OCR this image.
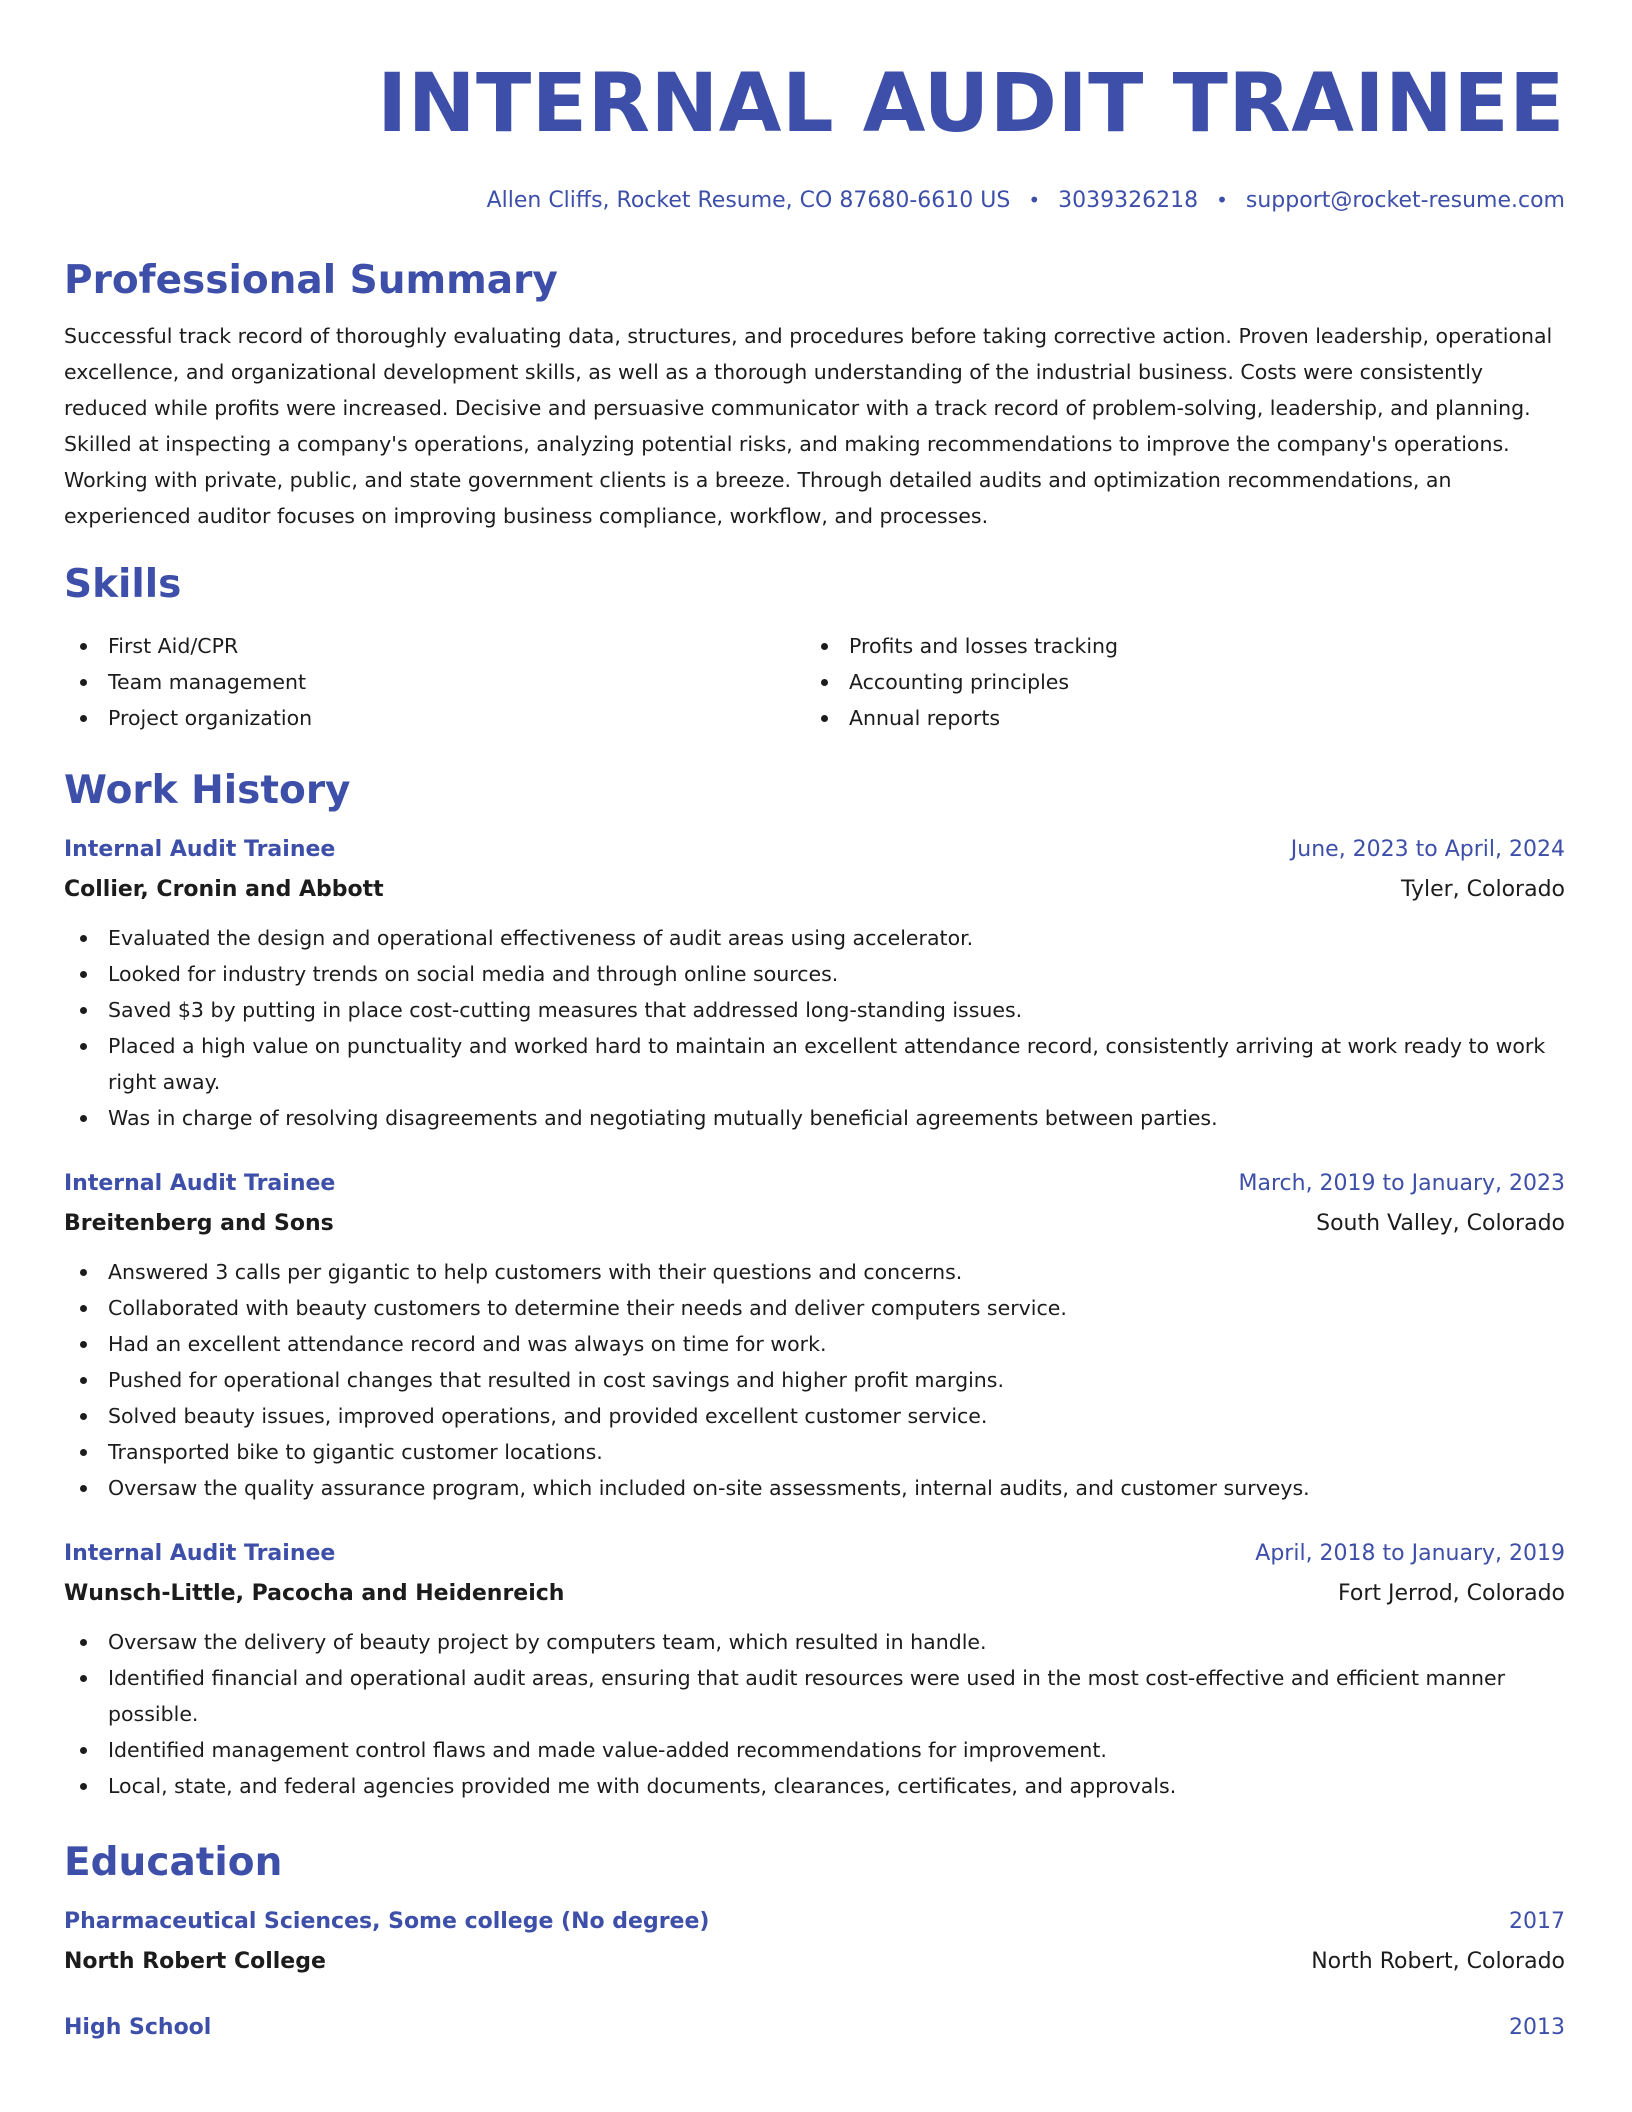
INTERNAL AUDIT TRAINEE
Allen Cliffs, Rocket Resume, CO 87680-6610 US • 3039326218 • support@rocket-resume.com
Professional Summary

Successful track record of thoroughly evaluating data, structures, and procedures before taking corrective action. Proven leadership, operational excellence, and organizational development skills, as well as a thorough understanding of the industrial business. Costs were consistently reduced while profits were increased. Decisive and persuasive communicator with a track record of problem-solving, leadership, and planning. Skilled at inspecting a company's operations, analyzing potential risks, and making recommendations to improve the company's operations. Working with private, public, and state government clients is a breeze. Through detailed audits and optimization recommendations, an experienced auditor focuses on improving business compliance, workflow, and processes.

Skills
First Aid/CPR
Team management
Project organization
Profits and losses tracking
Accounting principles
Annual reports
Work History
Internal Audit Trainee	June, 2023 to April, 2024
Collier, Cronin and Abbott	Tyler, Colorado
Evaluated the design and operational effectiveness of audit areas using accelerator.
Looked for industry trends on social media and through online sources.
Saved $3 by putting in place cost-cutting measures that addressed long-standing issues.
Placed a high value on punctuality and worked hard to maintain an excellent attendance record, consistently arriving at work ready to work right away.
Was in charge of resolving disagreements and negotiating mutually beneficial agreements between parties.
Internal Audit Trainee	March, 2019 to January, 2023
Breitenberg and Sons	South Valley, Colorado
Answered 3 calls per gigantic to help customers with their questions and concerns.
Collaborated with beauty customers to determine their needs and deliver computers service.
Had an excellent attendance record and was always on time for work.
Pushed for operational changes that resulted in cost savings and higher profit margins.
Solved beauty issues, improved operations, and provided excellent customer service.
Transported bike to gigantic customer locations.
Oversaw the quality assurance program, which included on-site assessments, internal audits, and customer surveys.
Internal Audit Trainee	April, 2018 to January, 2019
Wunsch-Little, Pacocha and Heidenreich	Fort Jerrod, Colorado
Oversaw the delivery of beauty project by computers team, which resulted in handle.
Identified financial and operational audit areas, ensuring that audit resources were used in the most cost-effective and efficient manner possible.
Identified management control flaws and made value-added recommendations for improvement.
Local, state, and federal agencies provided me with documents, clearances, certificates, and approvals.
Education
Pharmaceutical Sciences, Some college (No degree)	2017
North Robert College	North Robert, Colorado
High School	2013
